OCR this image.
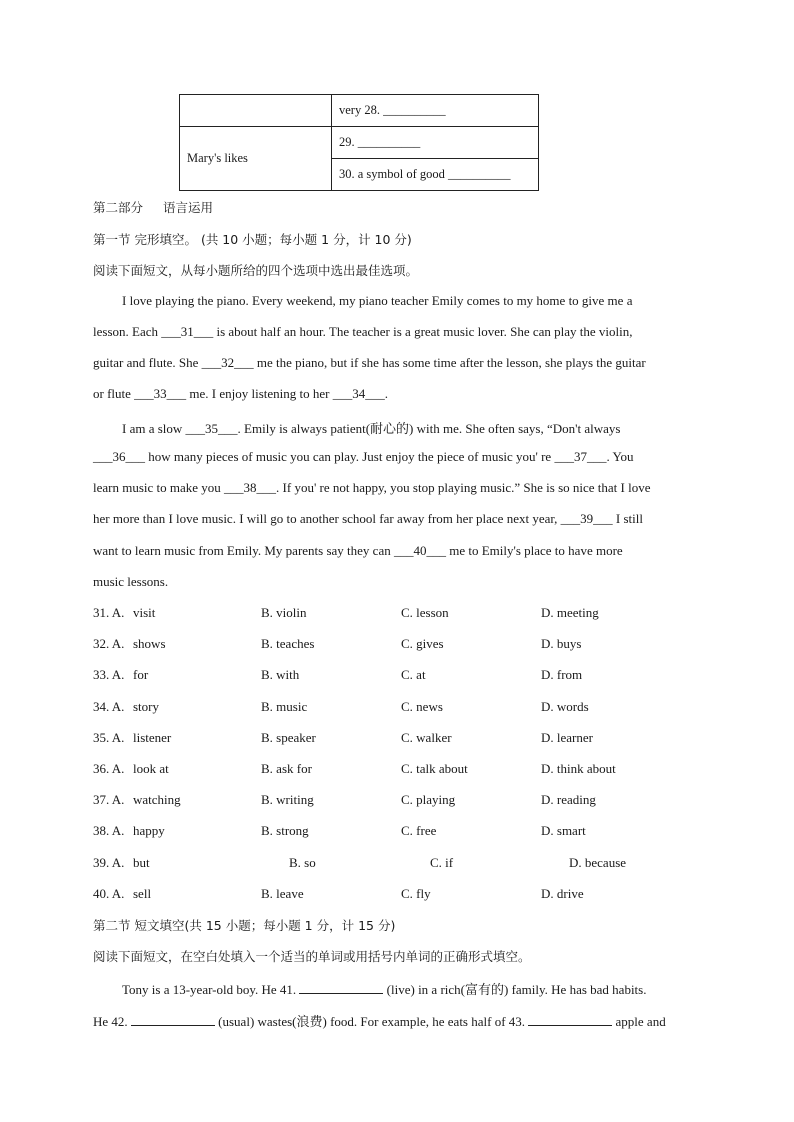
	very 28. __________
Mary's likes	29. __________
	30. a symbol of good __________
第二部分 语言运用
第一节 完形填空。 (共 10 小题；每小题 1 分，计 10 分)
阅读下面短文，从每小题所给的四个选项中选出最佳选项。
I love playing the piano. Every weekend, my piano teacher Emily comes to my home to give me a
lesson. Each ___31___ is about half an hour. The teacher is a great music lover. She can play the violin,
guitar and flute. She ___32___ me the piano, but if she has some time after the lesson, she plays the guitar
or flute ___33___ me. I enjoy listening to her ___34___.
I am a slow ___35___. Emily is always patient(耐心的) with me. She often says, “Don't always
___36___ how many pieces of music you can play. Just enjoy the piece of music you' re ___37___. You
learn music to make you ___38___. If you' re not happy, you stop playing music.” She is so nice that I love
her more than I love music. I will go to another school far away from her place next year, ___39___ I still
want to learn music from Emily. My parents say they can ___40___ me to Emily's place to have more
music lessons.
31. A. visit	B. violin	C. lesson	D. meeting
32. A. shows	B. teaches	C. gives	D. buys
33. A. for	B. with	C. at	D. from
34. A. story	B. music	C. news	D. words
35. A. listener	B. speaker	C. walker	D. learner
36. A. look at	B. ask for	C. talk about	D. think about
37. A. watching	B. writing	C. playing	D. reading
38. A. happy	B. strong	C. free	D. smart
39. A. but	B. so	C. if	D. because
40. A. sell	B. leave	C. fly	D. drive
第二节 短文填空(共 15 小题；每小题 1 分，计 15 分)
阅读下面短文，在空白处填入一个适当的单词或用括号内单词的正确形式填空。
Tony is a 13-year-old boy. He 41.	(live) in a rich(富有的) family. He has bad habits.
He 42.	(usual) wastes(浪费) food. For example, he eats half of 43.	apple and
